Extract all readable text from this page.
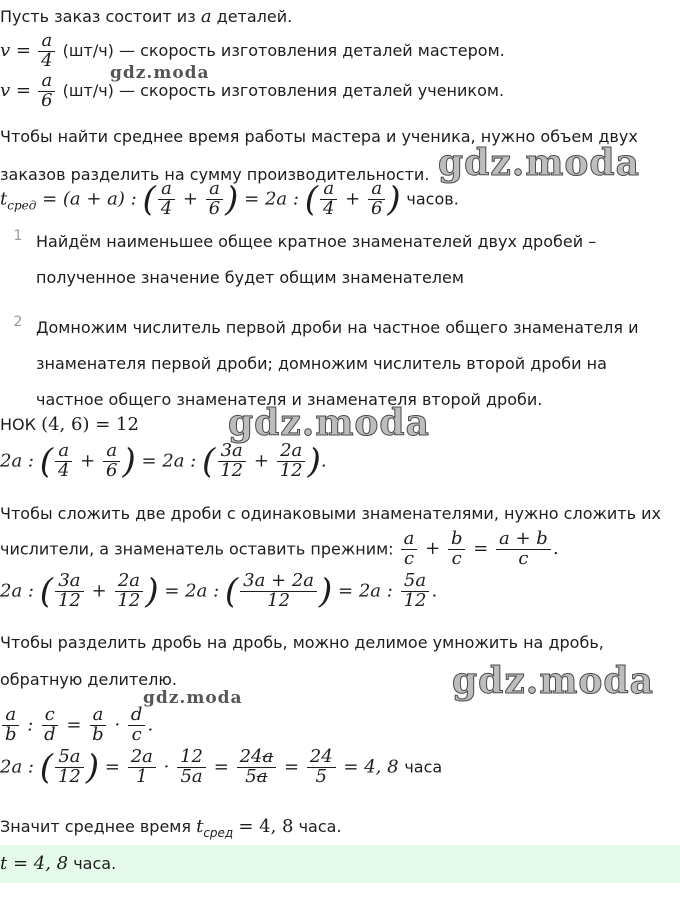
Пусть заказ состоит из a деталей.
$v = \frac{a}{4} (шт/ч)$ — скорость изготовления деталей мастером.
$v = \frac{a}{6} (шт/ч)$ — скорость изготовления деталей учеником.
Чтобы найти среднее время работы мастера и ученика, нужно объем двух заказов разделить на сумму производительности.
$t_{сред} = (a + a)$ : ( $\frac{a}{4} + \frac{a}{6}$ ) = 2a : ( $\frac{a}{4} + \frac{a}{6}$ ) часов.
1 Найдём наименьшее общее кратное знаменателей двух дробей – полученное значение будет общим знаменателем
2 Домножим числитель первой дроби на частное общего знаменателя и знаменателя первой дроби; домножим числитель второй дроби на частное общего знаменателя и знаменателя второй дроби.
НОК (4, 6) = 12
2a : ( $\frac{a}{4} + \frac{a}{6}$ ) = 2a : ( $\frac{3a}{12} + \frac{2a}{12}$ ).
Чтобы сложить две дроби с одинаковыми знаменателями, нужно сложить их
числители, а знаменатель оставить прежним: $\frac{a}{c} + \frac{b}{c} = \frac{a + b}{c}$ .
2a : ( $\frac{3a}{12} + \frac{2a}{12}$ ) = 2a : ( $\frac{3a + 2a}{12}$ ) = 2a : $\frac{5a}{12}$ .
Чтобы разделить дробь на дробь, можно делимое умножить на дробь,
обратную делителю.
$\frac{a}{b}$ : $\frac{c}{d} = \frac{a}{b} \cdot \frac{d}{c}$ .
2a : ( $\frac{5a}{12}$ ) = $\frac{2a}{1} \cdot \frac{12}{5a} = \frac{24a}{5a} = \frac{24}{5} = 4$, 8 часа
Значит среднее время $t_{сред} = 4$, 8 часа.
t = 4, 8 часа.
gdz.moda
gdz.moda
gdz.moda
gdz.moda
gdz.moda
